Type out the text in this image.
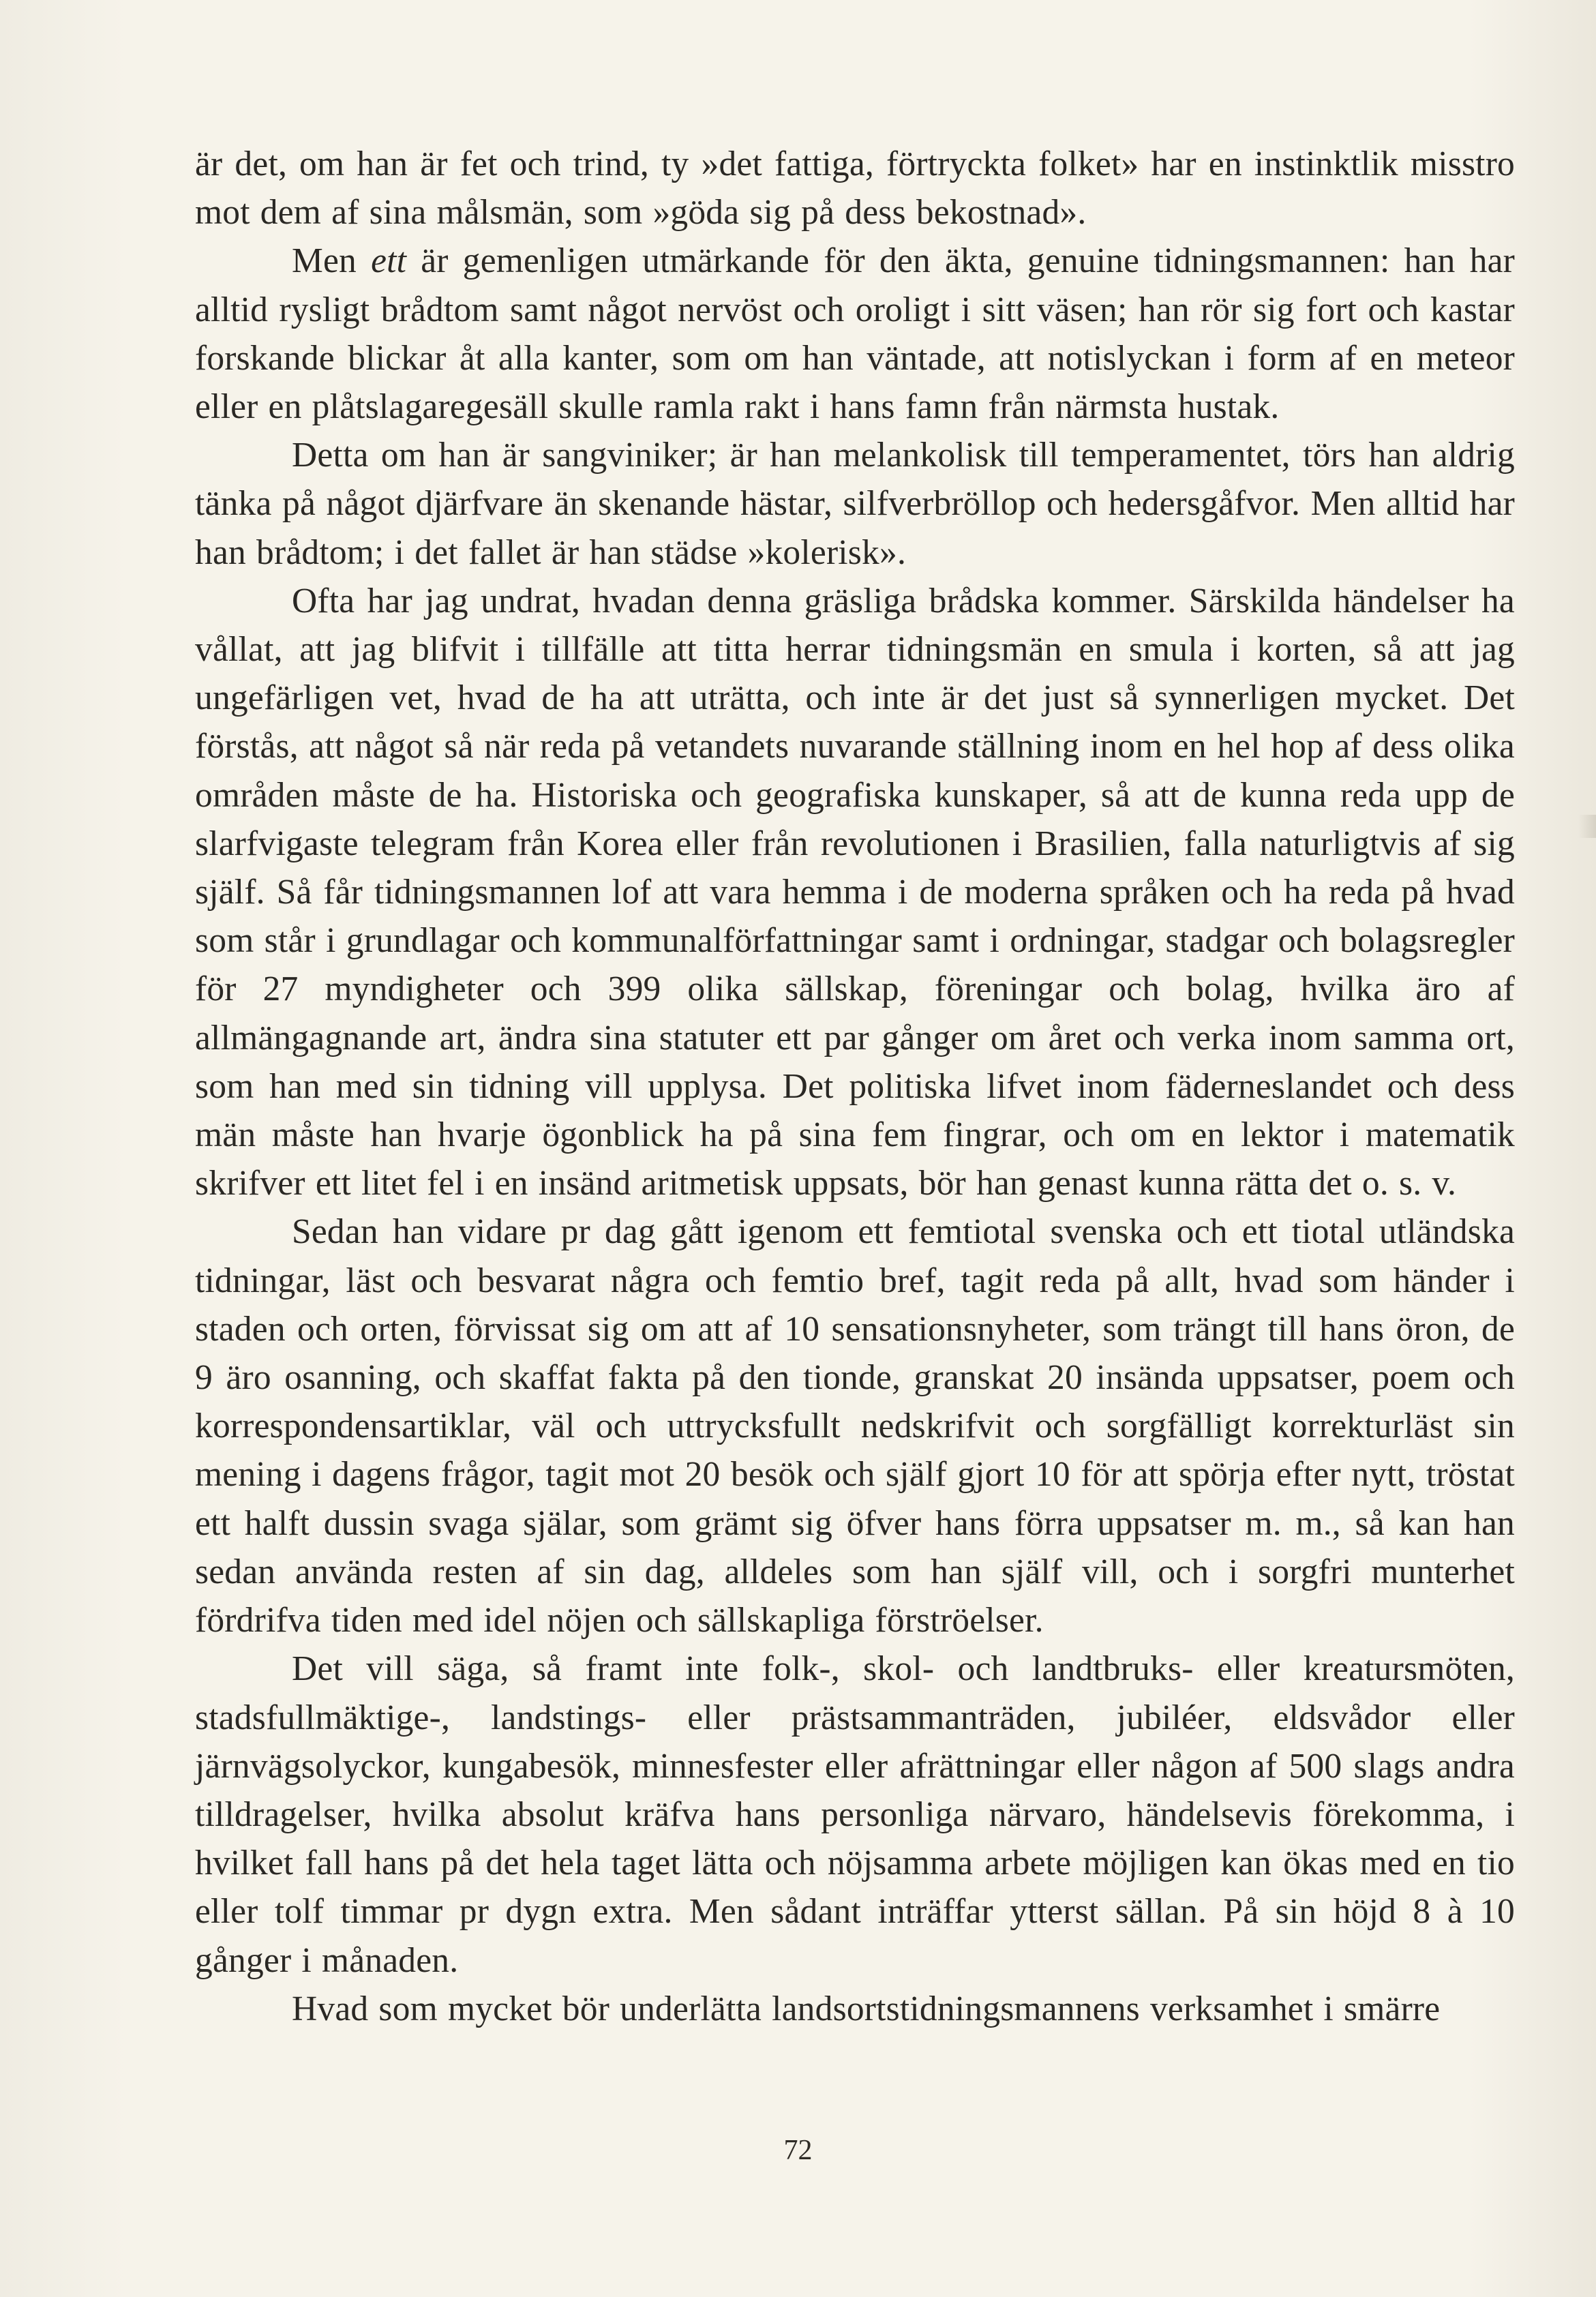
är det, om han är fet och trind, ty »det fattiga, förtryckta folket» har en instinktlik misstro mot dem af sina målsmän, som »göda sig på dess bekostnad».

Men ett är gemenligen utmärkande för den äkta, genuine tidningsmannen: han har alltid rysligt brådtom samt något nervöst och oroligt i sitt väsen; han rör sig fort och kastar forskande blickar åt alla kanter, som om han väntade, att notislyckan i form af en meteor eller en plåtslagaregesäll skulle ramla rakt i hans famn från närmsta hustak.

Detta om han är sangviniker; är han melankolisk till temperamentet, törs han aldrig tänka på något djärfvare än skenande hästar, silfverbröllop och hedersgåfvor. Men alltid har han brådtom; i det fallet är han städse »kolerisk».

Ofta har jag undrat, hvadan denna gräsliga brådska kommer. Särskilda händelser ha vållat, att jag blifvit i tillfälle att titta herrar tidningsmän en smula i korten, så att jag ungefärligen vet, hvad de ha att uträtta, och inte är det just så synnerligen mycket. Det förstås, att något så när reda på vetandets nuvarande ställning inom en hel hop af dess olika områden måste de ha. Historiska och geografiska kunskaper, så att de kunna reda upp de slarfvigaste telegram från Korea eller från revolutionen i Brasilien, falla naturligtvis af sig själf. Så får tidningsmannen lof att vara hemma i de moderna språken och ha reda på hvad som står i grundlagar och kommunalförfattningar samt i ordningar, stadgar och bolagsregler för 27 myndigheter och 399 olika sällskap, föreningar och bolag, hvilka äro af allmängagnande art, ändra sina statuter ett par gånger om året och verka inom samma ort, som han med sin tidning vill upplysa. Det politiska lifvet inom fäderneslandet och dess män måste han hvarje ögonblick ha på sina fem fingrar, och om en lektor i matematik skrifver ett litet fel i en insänd aritmetisk uppsats, bör han genast kunna rätta det o. s. v.

Sedan han vidare pr dag gått igenom ett femtiotal svenska och ett tiotal utländska tidningar, läst och besvarat några och femtio bref, tagit reda på allt, hvad som händer i staden och orten, förvissat sig om att af 10 sensationsnyheter, som trängt till hans öron, de 9 äro osanning, och skaffat fakta på den tionde, granskat 20 insända uppsatser, poem och korrespondensartiklar, väl och uttrycksfullt nedskrifvit och sorgfälligt korrekturläst sin mening i dagens frågor, tagit mot 20 besök och själf gjort 10 för att spörja efter nytt, tröstat ett halft dussin svaga själar, som grämt sig öfver hans förra uppsatser m. m., så kan han sedan använda resten af sin dag, alldeles som han själf vill, och i sorgfri munterhet fördrifva tiden med idel nöjen och sällskapliga förströelser.

Det vill säga, så framt inte folk-, skol- och landtbruks- eller kreatursmöten, stadsfullmäktige-, landstings- eller prästsammanträden, jubiléer, eldsvådor eller järnvägsolyckor, kungabesök, minnesfester eller afrättningar eller någon af 500 slags andra tilldragelser, hvilka absolut kräfva hans personliga närvaro, händelsevis förekomma, i hvilket fall hans på det hela taget lätta och nöjsamma arbete möjligen kan ökas med en tio eller tolf timmar pr dygn extra. Men sådant inträffar ytterst sällan. På sin höjd 8 à 10 gånger i månaden.

Hvad som mycket bör underlätta landsortstidningsmannens verksamhet i smärre

72
